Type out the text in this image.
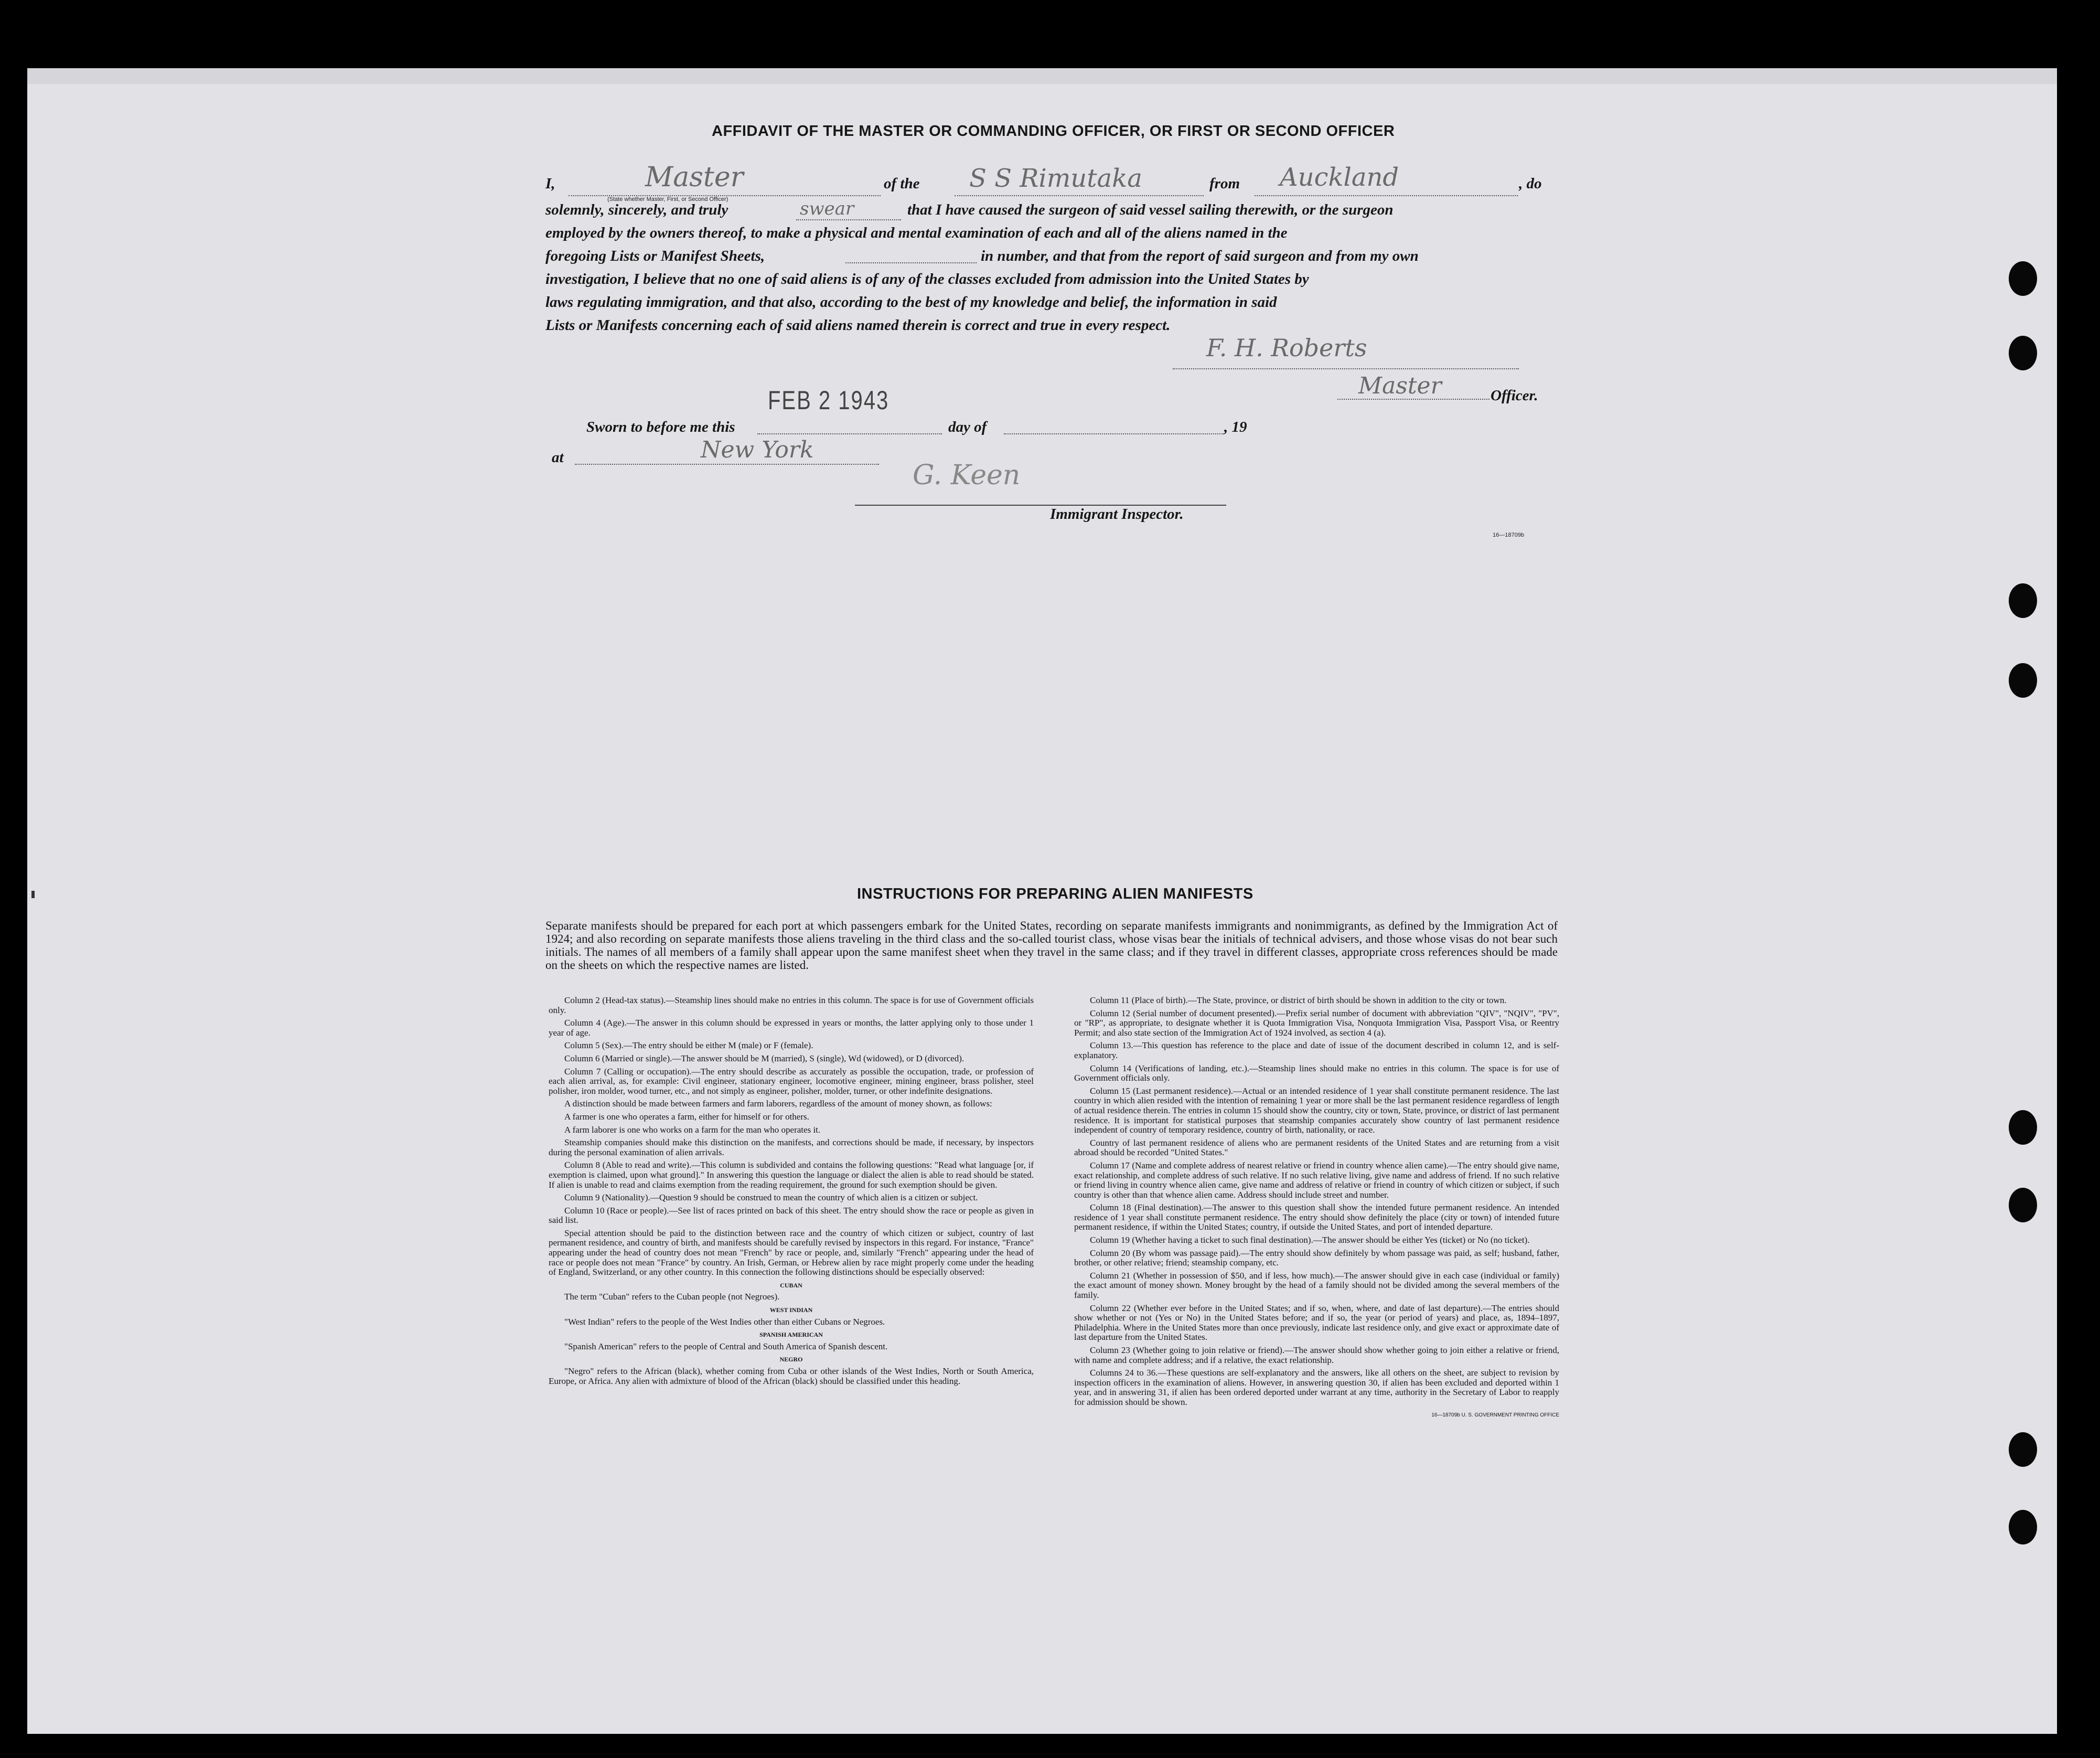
AFFIDAVIT OF THE MASTER OR COMMANDING OFFICER, OR FIRST OR SECOND OFFICER
I,	Master
(State whether Master, First, or Second Officer)
of the S S Rimutaka	from Auckland	, do
solemnly, sincerely, and truly	swear	that I have caused the surgeon of said vessel sailing therewith, or the surgeon
employed by the owners thereof, to make a physical and mental examination of each and all of the aliens named in the
foregoing Lists or Manifest Sheets,	in number, and that from the report of said surgeon and from my own
investigation, I believe that no one of said aliens is of any of the classes excluded from admission into the United States by
laws regulating immigration, and that also, according to the best of my knowledge and belief, the information in said
Lists or Manifests concerning each of said aliens named therein is correct and true in every respect.
F. H. Roberts
Master	Officer.
FEB 2 1943
Sworn to before me this	day of	, 19
at	New York
G. Keen
Immigrant Inspector.
16—18709b
INSTRUCTIONS FOR PREPARING ALIEN MANIFESTS
Separate manifests should be prepared for each port at which passengers embark for the United States, recording on separate manifests immigrants and nonimmigrants, as defined by the Immigration Act of 1924; and also recording on separate manifests those aliens traveling in the third class and the so-called tourist class, whose visas bear the initials of technical advisers, and those whose visas do not bear such initials. The names of all members of a family shall appear upon the same manifest sheet when they travel in the same class; and if they travel in different classes, appropriate cross references should be made on the sheets on which the respective names are listed.

Column 2 (Head-tax status).—Steamship lines should make no entries in this column. The space is for use of Government officials only.

Column 4 (Age).—The answer in this column should be expressed in years or months, the latter applying only to those under 1 year of age.

Column 5 (Sex).—The entry should be either M (male) or F (female).

Column 6 (Married or single).—The answer should be M (married), S (single), Wd (widowed), or D (divorced).

Column 7 (Calling or occupation).—The entry should describe as accurately as possible the occupation, trade, or profession of each alien arrival, as, for example: Civil engineer, stationary engineer, locomotive engineer, mining engineer, brass polisher, steel polisher, iron molder, wood turner, etc., and not simply as engineer, polisher, molder, turner, or other indefinite designations.

A distinction should be made between farmers and farm laborers, regardless of the amount of money shown, as follows:

A farmer is one who operates a farm, either for himself or for others.

A farm laborer is one who works on a farm for the man who operates it.

Steamship companies should make this distinction on the manifests, and corrections should be made, if necessary, by inspectors during the personal examination of alien arrivals.

Column 8 (Able to read and write).—This column is subdivided and contains the following questions: "Read what language [or, if exemption is claimed, upon what ground]." In answering this question the language or dialect the alien is able to read should be stated. If alien is unable to read and claims exemption from the reading requirement, the ground for such exemption should be given.

Column 9 (Nationality).—Question 9 should be construed to mean the country of which alien is a citizen or subject.

Column 10 (Race or people).—See list of races printed on back of this sheet. The entry should show the race or people as given in said list.

Special attention should be paid to the distinction between race and the country of which citizen or subject, country of last permanent residence, and country of birth, and manifests should be carefully revised by inspectors in this regard. For instance, "France" appearing under the head of country does not mean "French" by race or people, and, similarly "French" appearing under the head of race or people does not mean "France" by country. An Irish, German, or Hebrew alien by race might properly come under the heading of England, Switzerland, or any other country. In this connection the following distinctions should be especially observed:

CUBAN

The term "Cuban" refers to the Cuban people (not Negroes).

WEST INDIAN

"West Indian" refers to the people of the West Indies other than either Cubans or Negroes.

SPANISH AMERICAN

"Spanish American" refers to the people of Central and South America of Spanish descent.

NEGRO

"Negro" refers to the African (black), whether coming from Cuba or other islands of the West Indies, North or South America, Europe, or Africa. Any alien with admixture of blood of the African (black) should be classified under this heading.

Column 11 (Place of birth).—The State, province, or district of birth should be shown in addition to the city or town.

Column 12 (Serial number of document presented).—Prefix serial number of document with abbreviation "QIV", "NQIV", "PV", or "RP", as appropriate, to designate whether it is Quota Immigration Visa, Nonquota Immigration Visa, Passport Visa, or Reentry Permit; and also state section of the Immigration Act of 1924 involved, as section 4 (a).

Column 13.—This question has reference to the place and date of issue of the document described in column 12, and is self-explanatory.

Column 14 (Verifications of landing, etc.).—Steamship lines should make no entries in this column. The space is for use of Government officials only.

Column 15 (Last permanent residence).—Actual or an intended residence of 1 year shall constitute permanent residence. The last country in which alien resided with the intention of remaining 1 year or more shall be the last permanent residence regardless of length of actual residence therein. The entries in column 15 should show the country, city or town, State, province, or district of last permanent residence. It is important for statistical purposes that steamship companies accurately show country of last permanent residence independent of country of temporary residence, country of birth, nationality, or race.

Country of last permanent residence of aliens who are permanent residents of the United States and are returning from a visit abroad should be recorded "United States."

Column 17 (Name and complete address of nearest relative or friend in country whence alien came).—The entry should give name, exact relationship, and complete address of such relative. If no such relative living, give name and address of friend. If no such relative or friend living in country whence alien came, give name and address of relative or friend in country of which citizen or subject, if such country is other than that whence alien came. Address should include street and number.

Column 18 (Final destination).—The answer to this question shall show the intended future permanent residence. An intended residence of 1 year shall constitute permanent residence. The entry should show definitely the place (city or town) of intended future permanent residence, if within the United States; country, if outside the United States, and port of intended departure.

Column 19 (Whether having a ticket to such final destination).—The answer should be either Yes (ticket) or No (no ticket).

Column 20 (By whom was passage paid).—The entry should show definitely by whom passage was paid, as self; husband, father, brother, or other relative; friend; steamship company, etc.

Column 21 (Whether in possession of $50, and if less, how much).—The answer should give in each case (individual or family) the exact amount of money shown. Money brought by the head of a family should not be divided among the several members of the family.

Column 22 (Whether ever before in the United States; and if so, when, where, and date of last departure).—The entries should show whether or not (Yes or No) in the United States before; and if so, the year (or period of years) and place, as, 1894–1897, Philadelphia. Where in the United States more than once previously, indicate last residence only, and give exact or approximate date of last departure from the United States.

Column 23 (Whether going to join relative or friend).—The answer should show whether going to join either a relative or friend, with name and complete address; and if a relative, the exact relationship.

Columns 24 to 36.—These questions are self-explanatory and the answers, like all others on the sheet, are subject to revision by inspection officers in the examination of aliens. However, in answering question 30, if alien has been excluded and deported within 1 year, and in answering 31, if alien has been ordered deported under warrant at any time, authority in the Secretary of Labor to reapply for admission should be shown.

16—18709b U. S. GOVERNMENT PRINTING OFFICE
